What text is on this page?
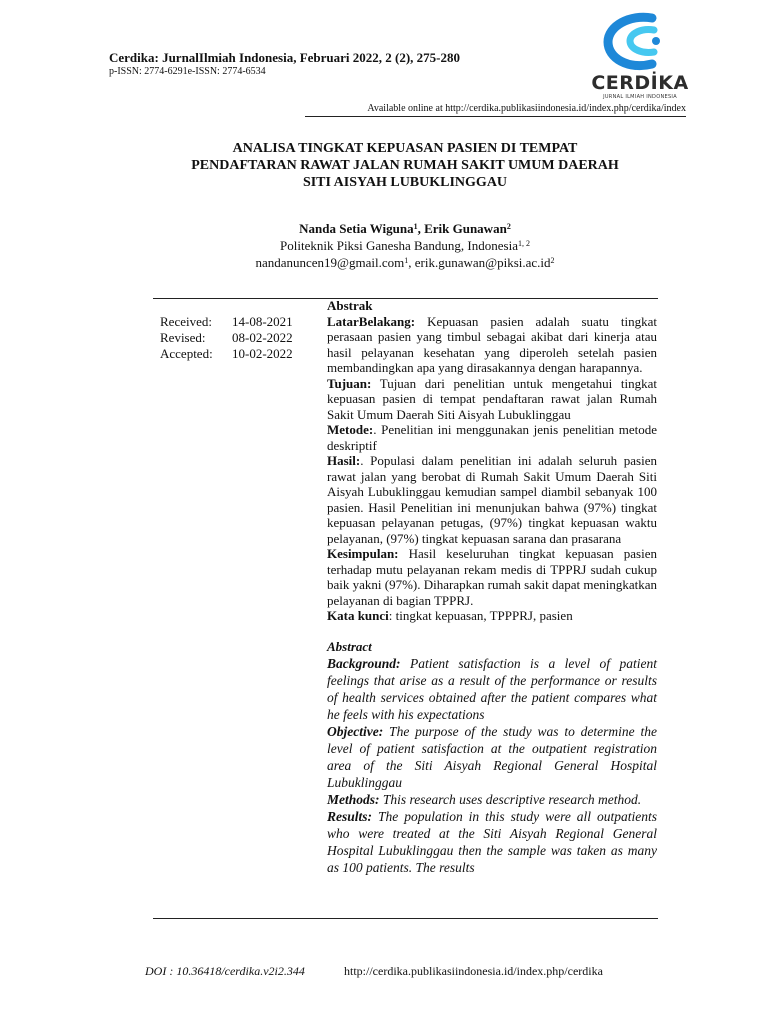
Cerdika: JurnalIlmiah Indonesia, Februari 2022, 2 (2), 275-280
p-ISSN: 2774-6291e-ISSN: 2774-6534
CERDİKA
JURNAL ILMIAH INDONESIA
Available online at http://cerdika.publikasiindonesia.id/index.php/cerdika/index
ANALISA TINGKAT KEPUASAN PASIEN DI TEMPAT
PENDAFTARAN RAWAT JALAN RUMAH SAKIT UMUM DAERAH
SITI AISYAH LUBUKLINGGAU
Nanda Setia Wiguna$^1$, Erik Gunawan$^2$
Politeknik Piksi Ganesha Bandung, Indonesia$^{1, 2}$
nandanuncen19@gmail.com$^1$, $erik.gunawan@piksi.ac.id^2$
Received:	14-08-2021
Revised:	08-02-2022
Accepted:	10-02-2022
Abstrak

LatarBelakang: Kepuasan pasien adalah suatu tingkat perasaan pasien yang timbul sebagai akibat dari kinerja atau hasil pelayanan kesehatan yang diperoleh setelah pasien membandingkan apa yang dirasakannya dengan harapannya.

Tujuan: Tujuan dari penelitian untuk mengetahui tingkat kepuasan pasien di tempat pendaftaran rawat jalan Rumah Sakit Umum Daerah Siti Aisyah Lubuklinggau

Metode:. Penelitian ini menggunakan jenis penelitian metode deskriptif

Hasil:. Populasi dalam penelitian ini adalah seluruh pasien rawat jalan yang berobat di Rumah Sakit Umum Daerah Siti Aisyah Lubuklinggau kemudian sampel diambil sebanyak 100 pasien. Hasil Penelitian ini menunjukan bahwa (97%) tingkat kepuasan pelayanan petugas, (97%) tingkat kepuasan waktu pelayanan, (97%) tingkat kepuasan sarana dan prasarana

Kesimpulan: Hasil keseluruhan tingkat kepuasan pasien terhadap mutu pelayanan rekam medis di TPPRJ sudah cukup baik yakni (97%). Diharapkan rumah sakit dapat meningkatkan pelayanan di bagian TPPRJ.

Kata kunci: tingkat kepuasan, TPPPRJ, pasien

Abstract

Background: Patient satisfaction is a level of patient feelings that arise as a result of the performance or results of health services obtained after the patient compares what he feels with his expectations

Objective: The purpose of the study was to determine the level of patient satisfaction at the outpatient registration area of the Siti Aisyah Regional General Hospital Lubuklinggau

Methods: This research uses descriptive research method.

Results: The population in this study were all outpatients who were treated at the Siti Aisyah Regional General Hospital Lubuklinggau then the sample was taken as many as 100 patients. The results

DOI : 10.36418/cerdika.v2i2.344	http://cerdika.publikasiindonesia.id/index.php/cerdika
